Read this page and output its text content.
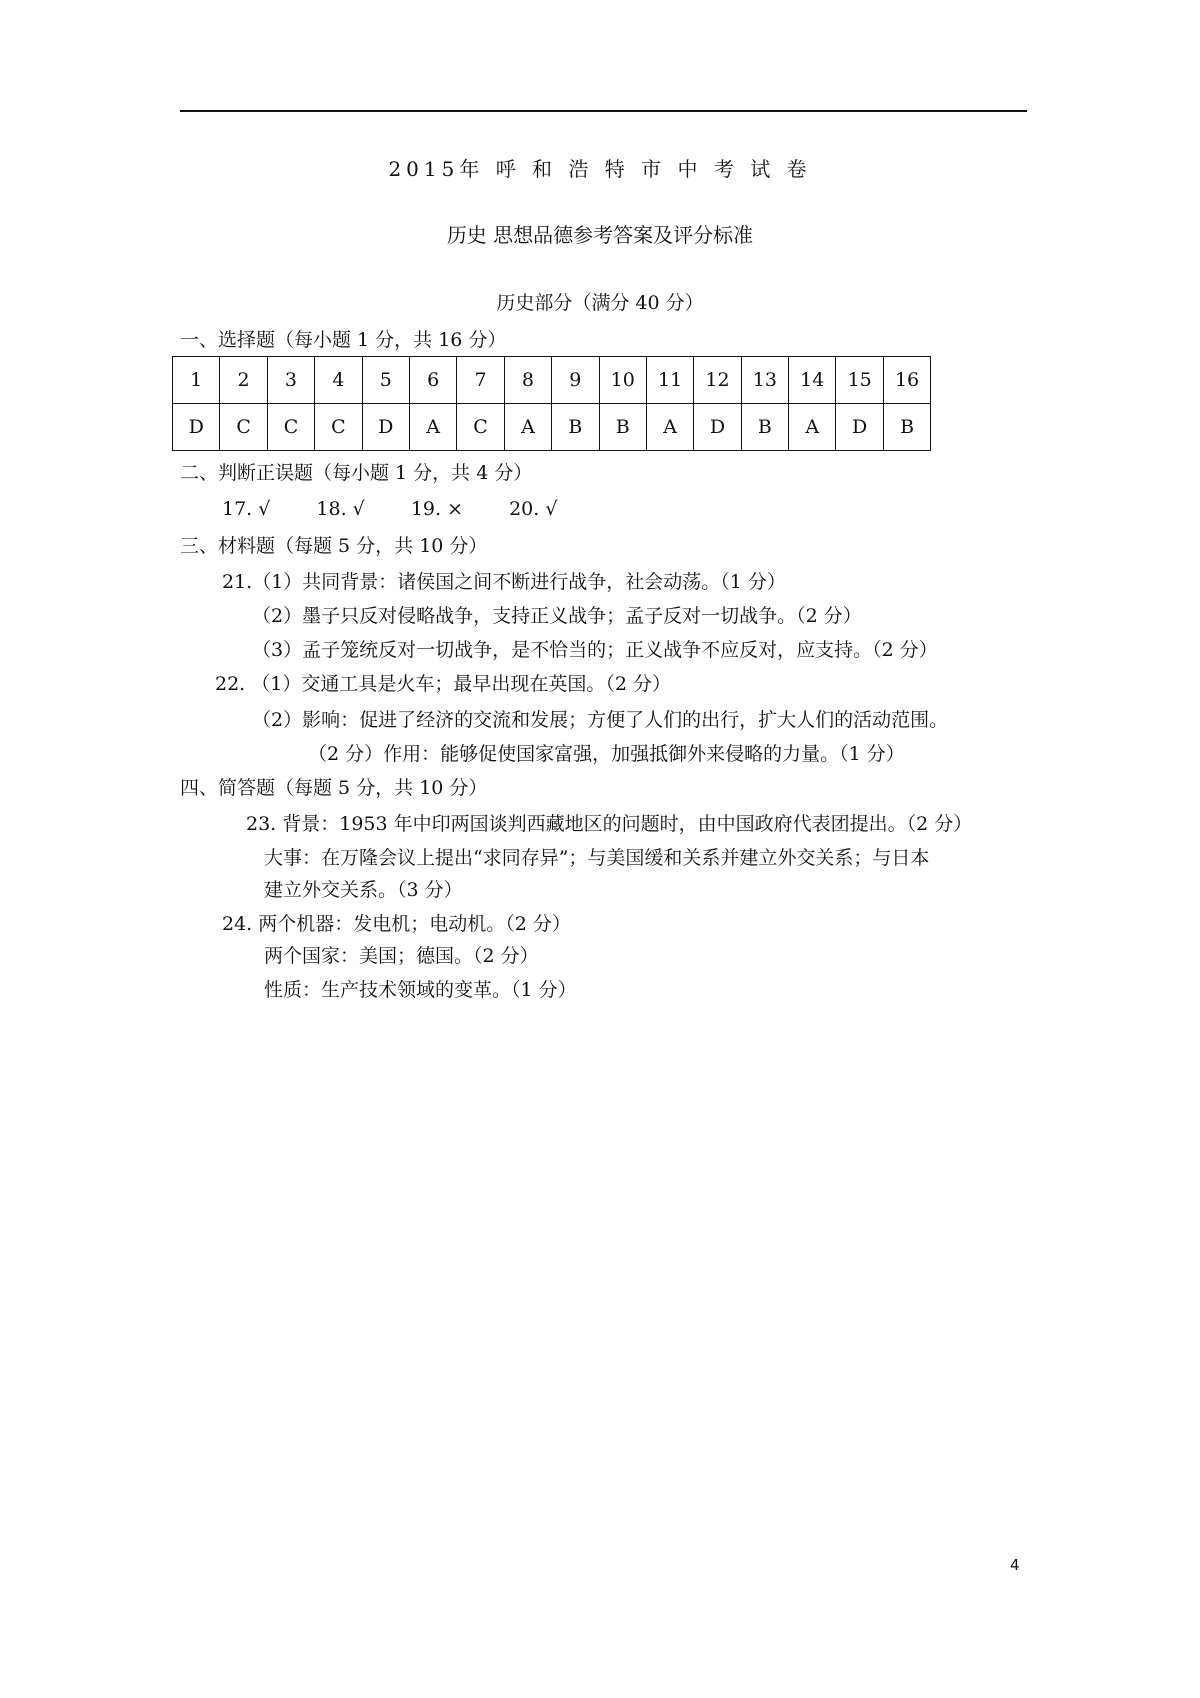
2015年 呼 和 浩 特 市 中 考 试 卷
历史 思想品德参考答案及评分标准
历史部分（满分 40 分）
一、选择题（每小题 1 分，共 16 分）
1	2	3	4	5	6	7	8	9	10	11	12	13	14	15	16
D	C	C	C	D	A	C	A	B	B	A	D	B	A	D	B
二、判断正误题（每小题 1 分，共 4 分）
17. √ 18. √ 19. × 20. √
三、材料题（每题 5 分，共 10 分）
21.（1）共同背景：诸侯国之间不断进行战争，社会动荡。（1 分）
（2）墨子只反对侵略战争，支持正义战争；孟子反对一切战争。（2 分）
（3）孟子笼统反对一切战争，是不恰当的；正义战争不应反对，应支持。（2 分）
22. （1）交通工具是火车；最早出现在英国。（2 分）
（2）影响：促进了经济的交流和发展；方便了人们的出行，扩大人们的活动范围。
（2 分）作用：能够促使国家富强，加强抵御外来侵略的力量。（1 分）
四、简答题（每题 5 分，共 10 分）
23. 背景：1953 年中印两国谈判西藏地区的问题时，由中国政府代表团提出。（2 分）
大事：在万隆会议上提出“求同存异”；与美国缓和关系并建立外交关系；与日本
建立外交关系。（3 分）
24. 两个机器：发电机；电动机。（2 分）
两个国家：美国；德国。（2 分）
性质：生产技术领域的变革。（1 分）
4
